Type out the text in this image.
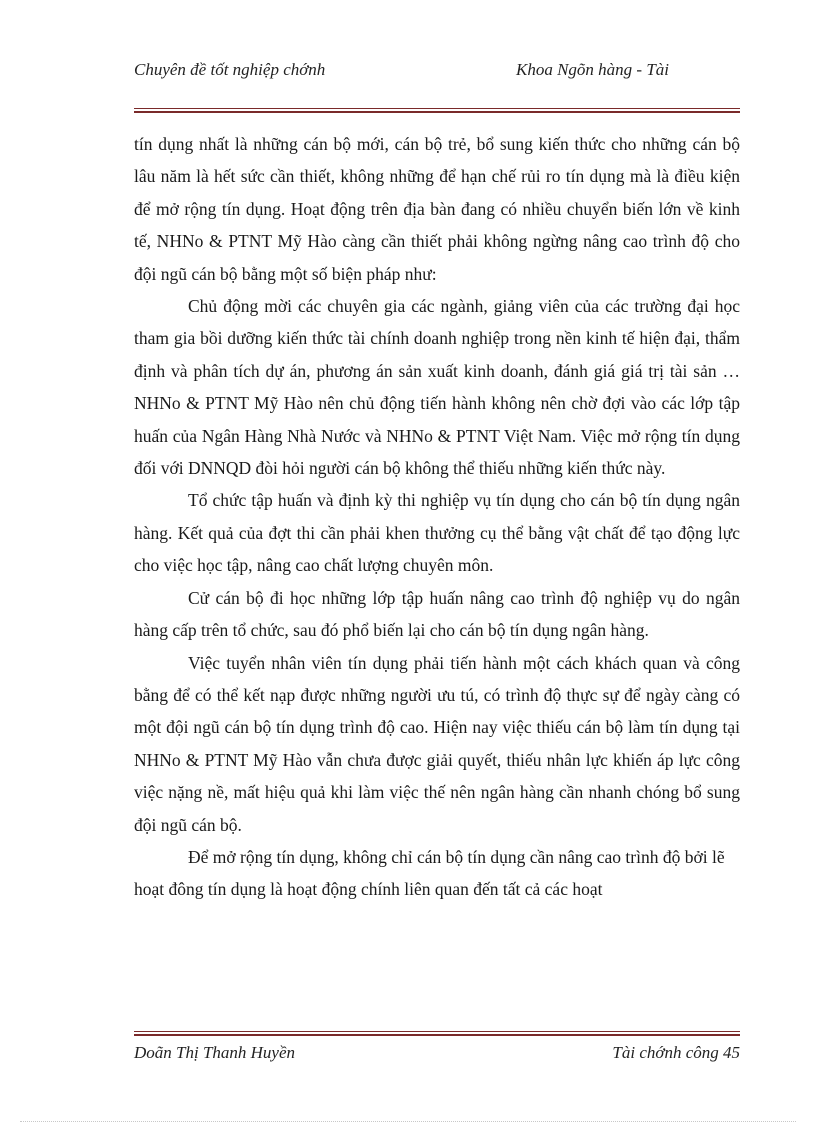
Chuyên đề tốt nghiệp chớnh	Khoa Ngõn hàng - Tài

tín dụng nhất là những cán bộ mới, cán bộ trẻ, bổ sung kiến thức cho những cán bộ lâu năm là hết sức cần thiết, không những để hạn chế rủi ro tín dụng mà là điều kiện để mở rộng tín dụng. Hoạt động trên địa bàn đang có nhiều chuyển biến lớn về kinh tế, NHNo & PTNT Mỹ Hào càng cần thiết phải không ngừng nâng cao trình độ cho đội ngũ cán bộ bằng một số biện pháp như:

Chủ động mời các chuyên gia các ngành, giảng viên của các trường đại học tham gia bồi dưỡng kiến thức tài chính doanh nghiệp trong nền kinh tế hiện đại, thẩm định và phân tích dự án, phương án sản xuất kinh doanh, đánh giá giá trị tài sản …NHNo & PTNT Mỹ Hào nên chủ động tiến hành không nên chờ đợi vào các lớp tập huấn của Ngân Hàng Nhà Nước và NHNo & PTNT Việt Nam. Việc mở rộng tín dụng đối với DNNQD đòi hỏi người cán bộ không thể thiếu những kiến thức này.

Tổ chức tập huấn và định kỳ thi nghiệp vụ tín dụng cho cán bộ tín dụng ngân hàng. Kết quả của đợt thi cần phải khen thưởng cụ thể bằng vật chất để tạo động lực cho việc học tập, nâng cao chất lượng chuyên môn.

Cử cán bộ đi học những lớp tập huấn nâng cao trình độ nghiệp vụ do ngân hàng cấp trên tổ chức, sau đó phổ biến lại cho cán bộ tín dụng ngân hàng.

Việc tuyển nhân viên tín dụng phải tiến hành một cách khách quan và công bằng để có thể kết nạp được những người ưu tú, có trình độ thực sự để ngày càng có một đội ngũ cán bộ tín dụng trình độ cao. Hiện nay việc thiếu cán bộ làm tín dụng tại NHNo & PTNT Mỹ Hào vẫn chưa được giải quyết, thiếu nhân lực khiến áp lực công việc nặng nề, mất hiệu quả khi làm việc thế nên ngân hàng cần nhanh chóng bổ sung đội ngũ cán bộ.

Để mở rộng tín dụng, không chỉ cán bộ tín dụng cần nâng cao trình độ bởi lẽ hoạt đông tín dụng là hoạt động chính liên quan đến tất cả các hoạt

Doãn Thị Thanh Huyền	Tài chớnh công 45
